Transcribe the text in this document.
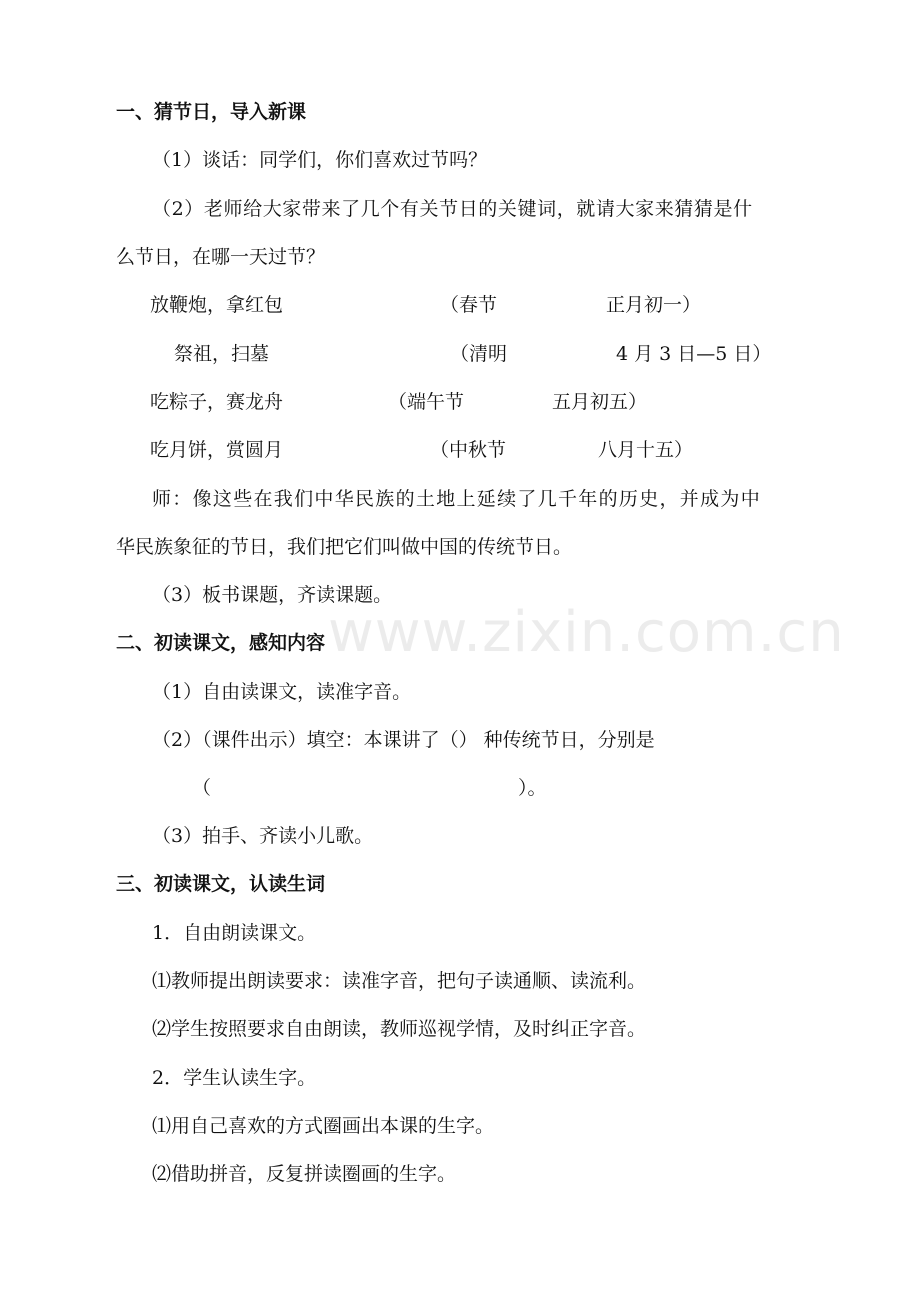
www.zixin.com.cn
一、猜节日，导入新课
（1）谈话：同学们，你们喜欢过节吗？
（2）老师给大家带来了几个有关节日的关键词，就请大家来猜猜是什
么节日，在哪一天过节？
放鞭炮，拿红包	（春节	正月初一）
祭祖，扫墓	（清明	4 月 3 日—5 日）
吃粽子，赛龙舟	（端午节	五月初五）
吃月饼，赏圆月	（中秋节	八月十五）
师：像这些在我们中华民族的土地上延续了几千年的历史，并成为中
华民族象征的节日，我们把它们叫做中国的传统节日。
（3）板书课题，齐读课题。
二、初读课文，感知内容
（1）自由读课文，读准字音。
（2）（课件出示）填空：本课讲了（） 种传统节日，分别是
（	）。
（3）拍手、齐读小儿歌。
三、初读课文，认读生词
1．自由朗读课文。
⑴教师提出朗读要求：读准字音，把句子读通顺、读流利。
⑵学生按照要求自由朗读，教师巡视学情，及时纠正字音。
2．学生认读生字。
⑴用自己喜欢的方式圈画出本课的生字。
⑵借助拼音，反复拼读圈画的生字。
